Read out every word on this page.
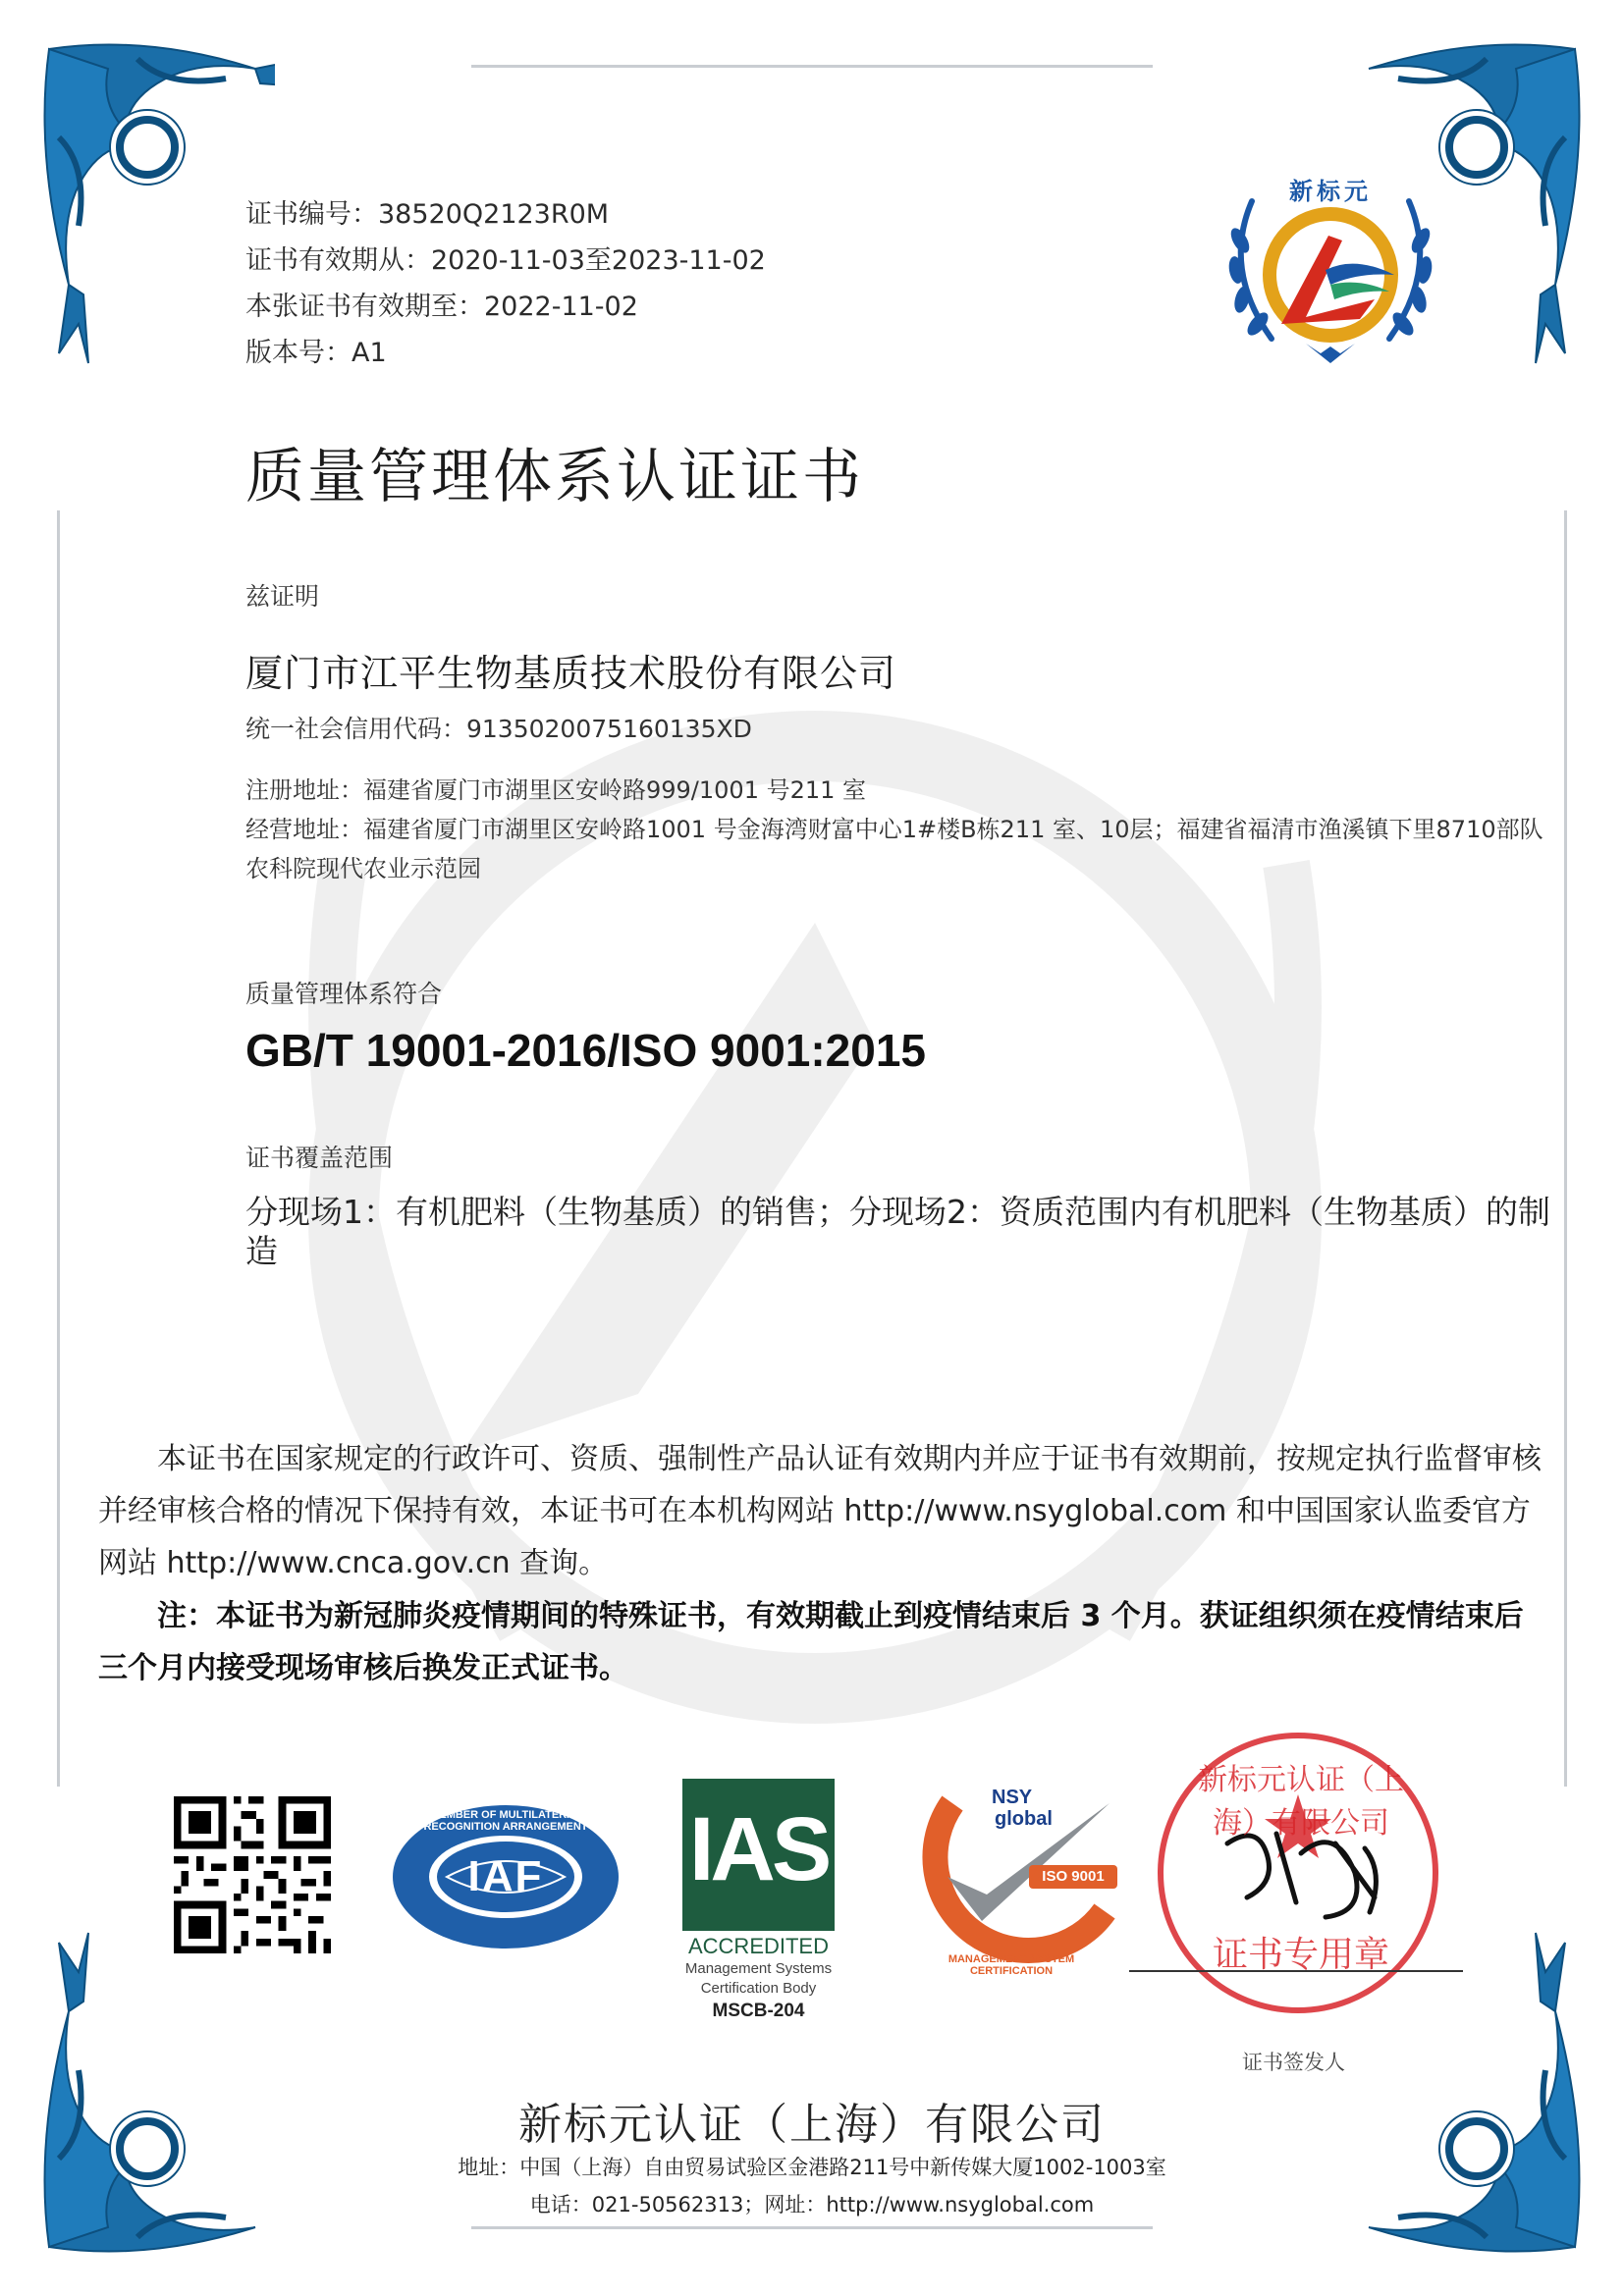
证书编号：38520Q2123R0M
证书有效期从：2020-11-03至2023-11-02
本张证书有效期至：2022-11-02
版本号：A1
新标元
质量管理体系认证证书
兹证明
厦门市江平生物基质技术股份有限公司
统一社会信用代码：9135020075160135XD
注册地址：福建省厦门市湖里区安岭路999/1001 号211 室
经营地址：福建省厦门市湖里区安岭路1001 号金海湾财富中心1#楼B栋211 室、10层；福建省福清市渔溪镇下里8710部队农科院现代农业示范园
质量管理体系符合
GB/T 19001-2016/ISO 9001:2015
证书覆盖范围
分现场1：有机肥料（生物基质）的销售；分现场2：资质范围内有机肥料（生物基质）的制造
本证书在国家规定的行政许可、资质、强制性产品认证有效期内并应于证书有效期前，按规定执行监督审核并经审核合格的情况下保持有效，本证书可在本机构网站 http://www.nsyglobal.com 和中国国家认监委官方网站 http://www.cnca.gov.cn 查询。
注：本证书为新冠肺炎疫情期间的特殊证书，有效期截止到疫情结束后 3 个月。获证组织须在疫情结束后三个月内接受现场审核后换发正式证书。
IAF
MEMBER OF MULTILATERAL RECOGNITION ARRANGEMENT IAS
ACCREDITED
Management Systems
Certification Body
MSCB-204
NSY
global
ISO 9001
MANAGEMENT SYSTEM CERTIFICATION
新标元认证（上海）有限公司
证书专用章
证书签发人
新标元认证（上海）有限公司
地址：中国（上海）自由贸易试验区金港路211号中新传媒大厦1002-1003室
电话：021-50562313；网址：http://www.nsyglobal.com
